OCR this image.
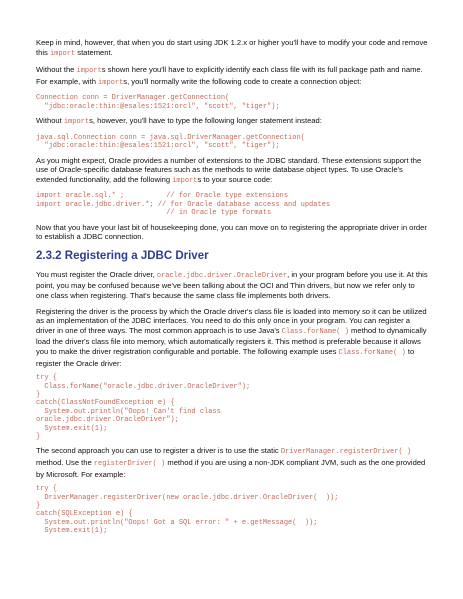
Keep in mind, however, that when you do start using JDK 1.2.x or higher you'll have to modify your code and remove this import statement.

Without the imports shown here you'll have to explicitly identify each class file with its full package path and name. For example, with imports, you'll normally write the following code to create a connection object:

Connection conn = DriverManager.getConnection(
"jdbc:oracle:thin:@esales:1521:orcl", "scott", "tiger");

Without imports, however, you'll have to type the following longer statement instead:

java.sql.Connection conn = java.sql.DriverManager.getConnection(
"jdbc:oracle:thin:@esales:1521:orcl", "scott", "tiger");

As you might expect, Oracle provides a number of extensions to the JDBC standard. These extensions support the use of Oracle-specific database features such as the methods to write database object types. To use Oracle's extended functionality, add the following imports to your source code:

import oracle.sql.* ;          // for Oracle type extensions
import oracle.jdbc.driver.*; // for Oracle database access and updates
// in Oracle type formats

Now that you have your last bit of housekeeping done, you can move on to registering the appropriate driver in order to establish a JDBC connection.

2.3.2 Registering a JDBC Driver

You must register the Oracle driver, oracle.jdbc.driver.OracleDriver, in your program before you use it. At this point, you may be confused because we've been talking about the OCI and Thin drivers, but now we refer only to one class when registering. That's because the same class file implements both drivers.

Registering the driver is the process by which the Oracle driver's class file is loaded into memory so it can be utilized as an implementation of the JDBC interfaces. You need to do this only once in your program. You can register a driver in one of three ways. The most common approach is to use Java's Class.forName( ) method to dynamically load the driver's class file into memory, which automatically registers it. This method is preferable because it allows you to make the driver registration configurable and portable. The following example uses Class.forName( ) to register the Oracle driver:

try {
Class.forName("oracle.jdbc.driver.OracleDriver");
}
catch(ClassNotFoundException e) {
System.out.println("Oops! Can't find class
oracle.jdbc.driver.OracleDriver");
System.exit(1);
}

The second approach you can use to register a driver is to use the static DriverManager.registerDriver( ) method. Use the registerDriver( ) method if you are using a non-JDK compliant JVM, such as the one provided by Microsoft. For example:

try {
DriverManager.registerDriver(new oracle.jdbc.driver.OracleDriver(  ));
}
catch(SQLException e) {
System.out.println("Oops! Got a SQL error: " + e.getMessage(  ));
System.exit(1);
